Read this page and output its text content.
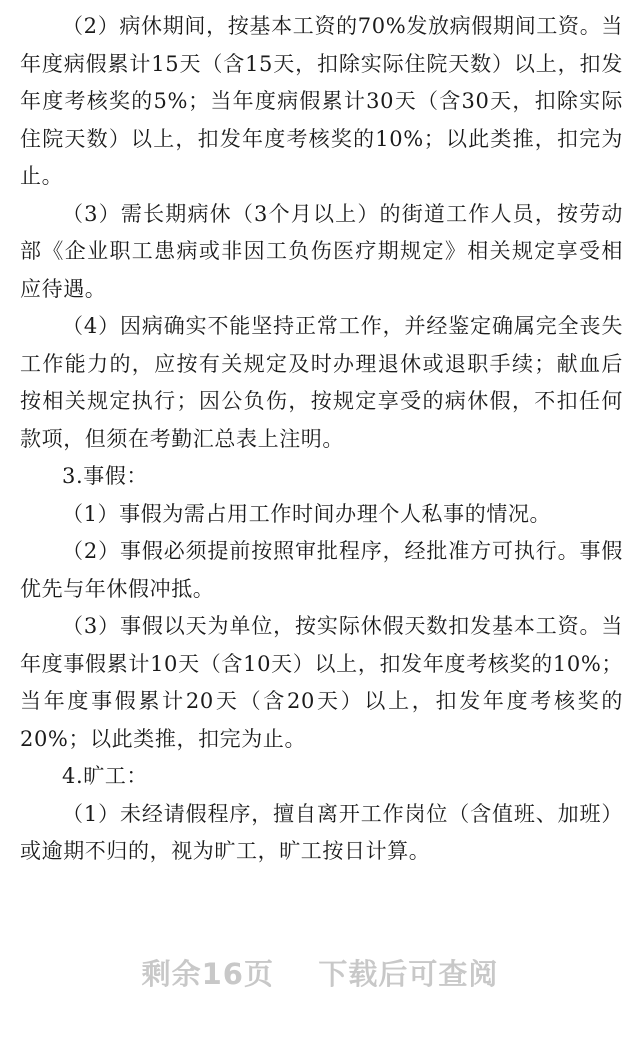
（2）病休期间，按基本工资的70%发放病假期间工资。当年度病假累计15天（含15天，扣除实际住院天数）以上，扣发年度考核奖的5%；当年度病假累计30天（含30天，扣除实际住院天数）以上，扣发年度考核奖的10%；以此类推，扣完为止。

（3）需长期病休（3个月以上）的街道工作人员，按劳动部《企业职工患病或非因工负伤医疗期规定》相关规定享受相应待遇。

（4）因病确实不能坚持正常工作，并经鉴定确属完全丧失工作能力的，应按有关规定及时办理退休或退职手续；献血后按相关规定执行；因公负伤，按规定享受的病休假，不扣任何款项，但须在考勤汇总表上注明。

3.事假：

（1）事假为需占用工作时间办理个人私事的情况。

（2）事假必须提前按照审批程序，经批准方可执行。事假优先与年休假冲抵。

（3）事假以天为单位，按实际休假天数扣发基本工资。当年度事假累计10天（含10天）以上，扣发年度考核奖的10%；当年度事假累计20天（含20天）以上，扣发年度考核奖的20%；以此类推，扣完为止。

4.旷工：

（1）未经请假程序，擅自离开工作岗位（含值班、加班）或逾期不归的，视为旷工，旷工按日计算。

剩余16页 下载后可查阅
